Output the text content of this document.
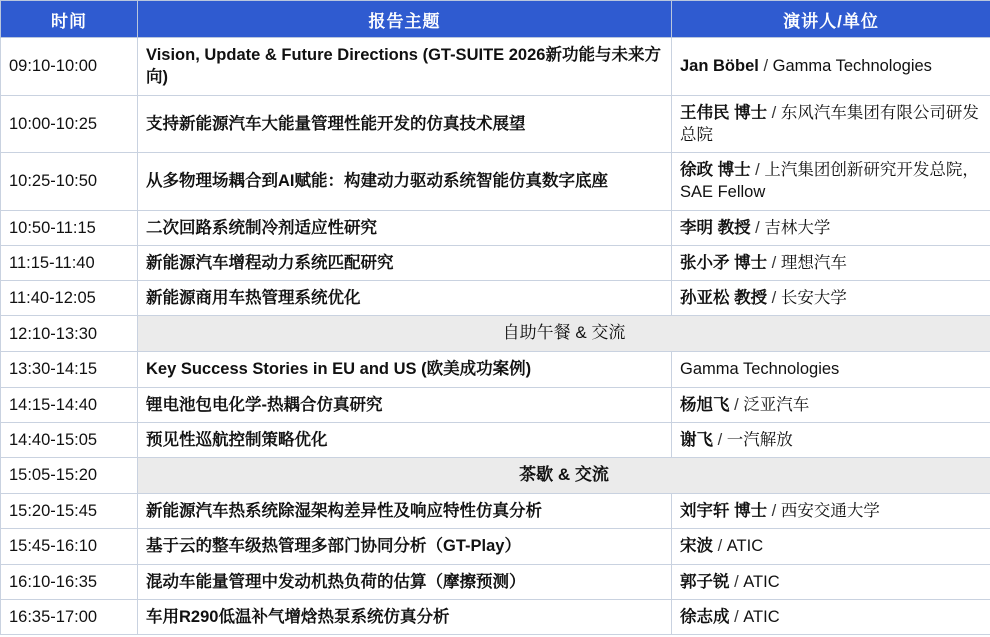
时间	报告主题	演讲人/单位
09:10-10:00	Vision, Update & Future Directions (GT-SUITE 2026新功能与未来方向)	Jan Böbel / Gamma Technologies
10:00-10:25	支持新能源汽车大能量管理性能开发的仿真技术展望	王伟民 博士 / 东风汽车集团有限公司研发总院
10:25-10:50	从多物理场耦合到AI赋能：构建动力驱动系统智能仿真数字底座	徐政 博士 / 上汽集团创新研究开发总院，SAE Fellow
10:50-11:15	二次回路系统制冷剂适应性研究	李明 教授 / 吉林大学
11:15-11:40	新能源汽车增程动力系统匹配研究	张小矛 博士 / 理想汽车
11:40-12:05	新能源商用车热管理系统优化	孙亚松 教授 / 长安大学
12:10-13:30	自助午餐 & 交流	
13:30-14:15	Key Success Stories in EU and US (欧美成功案例)	Gamma Technologies
14:15-14:40	锂电池包电化学-热耦合仿真研究	杨旭飞 / 泛亚汽车
14:40-15:05	预见性巡航控制策略优化	谢飞 / 一汽解放
15:05-15:20	茶歇 & 交流	
15:20-15:45	新能源汽车热系统除湿架构差异性及响应特性仿真分析	刘宇轩 博士 / 西安交通大学
15:45-16:10	基于云的整车级热管理多部门协同分析（GT-Play）	宋波 / ATIC
16:10-16:35	混动车能量管理中发动机热负荷的估算（摩擦预测）	郭子锐 / ATIC
16:35-17:00	车用R290低温补气增焓热泵系统仿真分析	徐志成 / ATIC
